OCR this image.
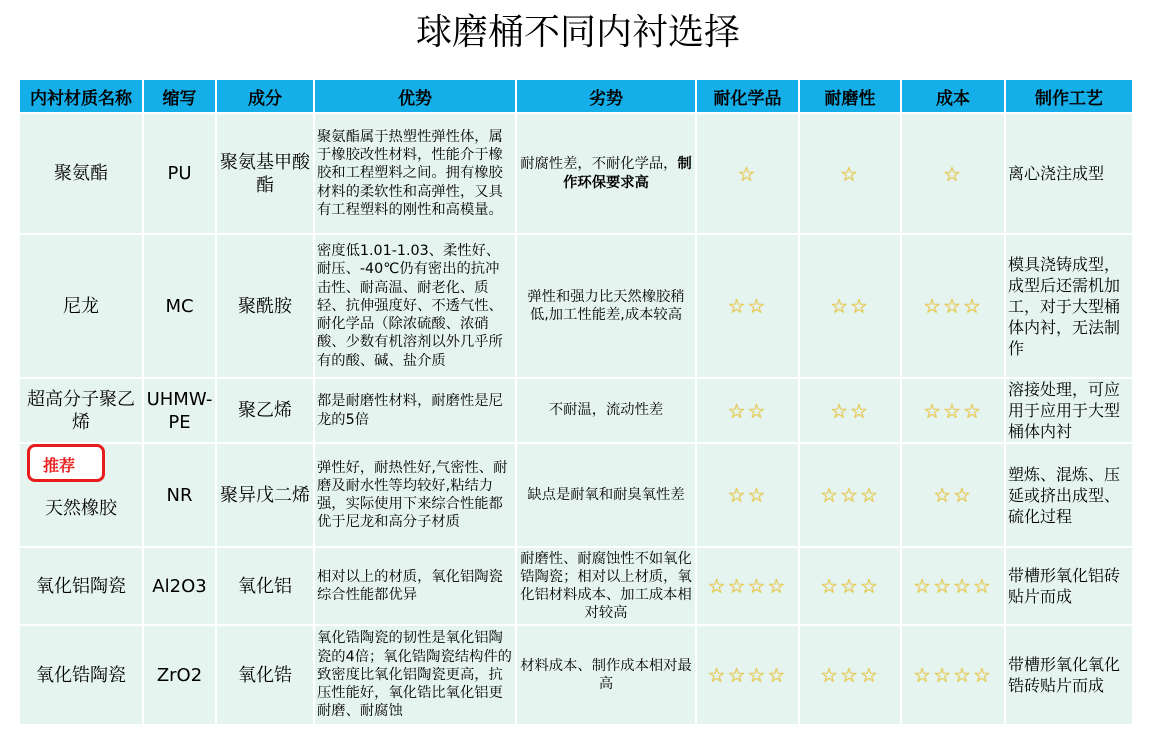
球磨桶不同内衬选择
内衬材质名称	缩写	成分	优势	劣势	耐化学品	耐磨性	成本	制作工艺
聚氨酯	PU	聚氨基甲酸酯	聚氨酯属于热塑性弹性体，属于橡胶改性材料，性能介于橡胶和工程塑料之间。拥有橡胶材料的柔软性和高弹性，又具有工程塑料的刚性和高模量。	耐腐性差，不耐化学品，制作环保要求高	☆	☆	☆	离心浇注成型
尼龙	MC	聚酰胺	密度低1.01-1.03、柔性好、耐压、-40℃仍有密出的抗冲击性、耐高温、耐老化、质轻、抗伸强度好、不透气性、耐化学品（除浓硫酸、浓硝酸、少数有机溶剂以外几乎所有的酸、碱、盐介质	弹性和强力比天然橡胶稍低,加工性能差,成本较高	☆☆	☆☆	☆☆☆	模具浇铸成型，成型后还需机加工，对于大型桶体内衬，无法制作
超高分子聚乙烯	UHMW-PE	聚乙烯	都是耐磨性材料，耐磨性是尼龙的5倍	不耐温，流动性差	☆☆	☆☆	☆☆☆	溶接处理，可应用于应用于大型桶体内衬

天然橡胶	NR	聚异戊二烯	弹性好，耐热性好,气密性、耐磨及耐水性等均较好,粘结力强，实际使用下来综合性能都优于尼龙和高分子材质	缺点是耐氧和耐臭氧性差	☆☆	☆☆☆	☆☆	塑炼、混炼、压延或挤出成型、硫化过程
氧化铝陶瓷	Al2O3	氧化铝	相对以上的材质，氧化铝陶瓷综合性能都优异	耐磨性、耐腐蚀性不如氧化锆陶瓷；相对以上材质，氧化铝材料成本、加工成本相对较高	☆☆☆☆	☆☆☆	☆☆☆☆	带槽形氧化铝砖贴片而成
氧化锆陶瓷	ZrO2	氧化锆	氧化锆陶瓷的韧性是氧化铝陶瓷的4倍；氧化锆陶瓷结构件的致密度比氧化铝陶瓷更高，抗压性能好，氧化锆比氧化铝更耐磨、耐腐蚀	材料成本、制作成本相对最高	☆☆☆☆	☆☆☆	☆☆☆☆	带槽形氧化氧化锆砖贴片而成
推荐
